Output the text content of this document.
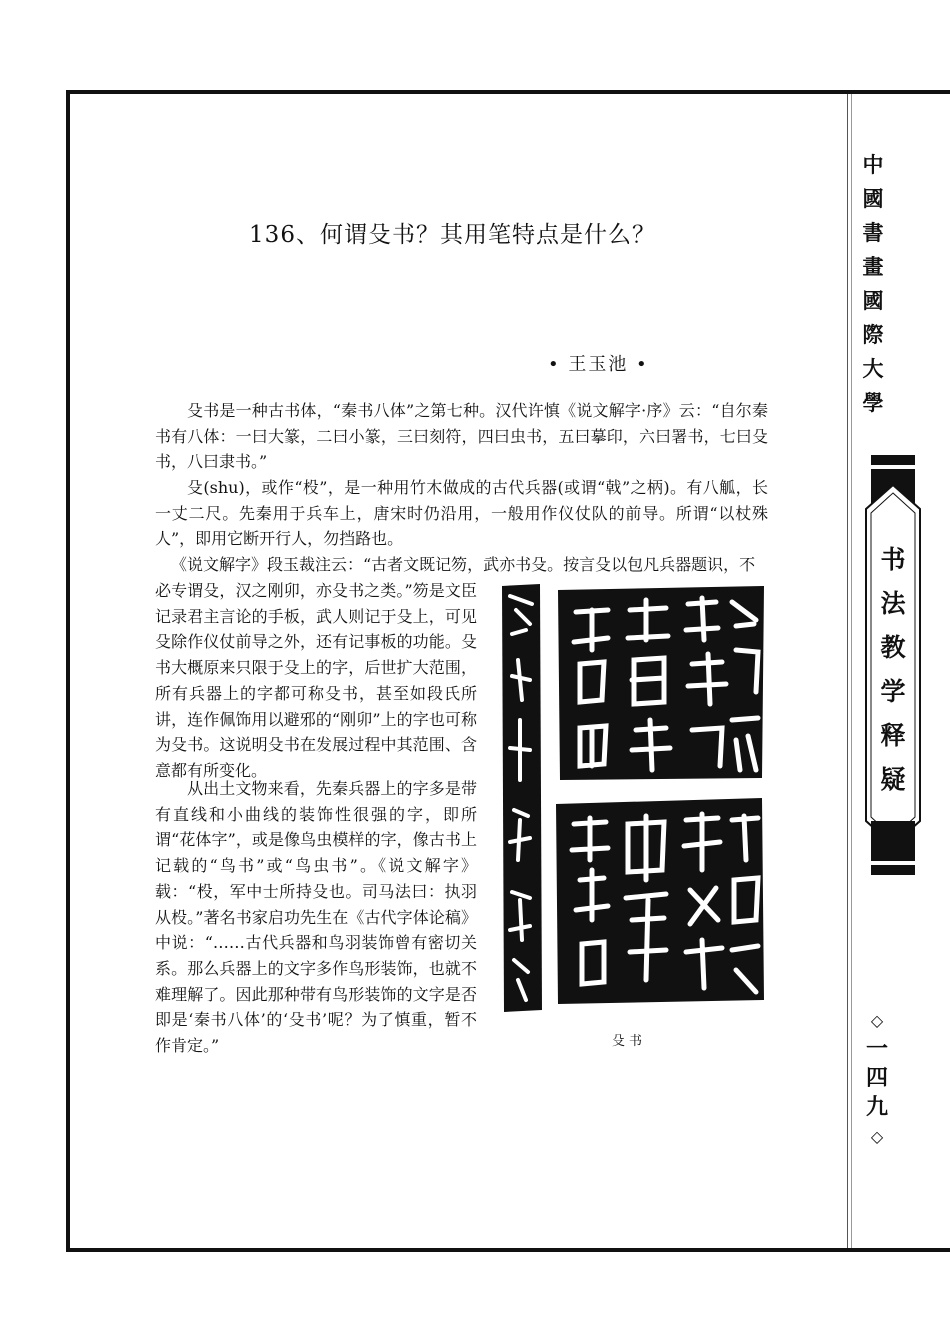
中
國
書
畫
國
際
大
學
书
法
教
学
释
疑
◇
一
四
九
◇
136、何谓殳书？其用笔特点是什么？
• 王玉池 •

殳书是一种古书体，“秦书八体”之第七种。汉代许慎《说文解字·序》云：“自尔秦书有八体：一曰大篆，二曰小篆，三曰刻符，四曰虫书，五曰摹印，六曰署书，七曰殳书，八曰隶书。”

殳(shu)，或作“杸”，是一种用竹木做成的古代兵器(或谓“戟”之柄)。有八觚，长一丈二尺。先秦用于兵车上，唐宋时仍沿用，一般用作仪仗队的前导。所谓“以杖殊人”，即用它断开行人，勿挡路也。

《说文解字》段玉裁注云：“古者文既记笏，武亦书殳。按言殳以包凡兵器题识，不

必专谓殳，汉之刚卯，亦殳书之类。”笏是文臣记录君主言论的手板，武人则记于殳上，可见殳除作仪仗前导之外，还有记事板的功能。殳书大概原来只限于殳上的字，后世扩大范围，所有兵器上的字都可称殳书，甚至如段氏所讲，连作佩饰用以避邪的“刚卯”上的字也可称为殳书。这说明殳书在发展过程中其范围、含意都有所变化。

从出土文物来看，先秦兵器上的字多是带有直线和小曲线的装饰性很强的字，即所谓“花体字”，或是像鸟虫模样的字，像古书上记载的“鸟书”或“鸟虫书”。《说文解字》载：“杸，军中士所持殳也。司马法曰：执羽从杸。”著名书家启功先生在《古代字体论稿》中说：“……古代兵器和鸟羽装饰曾有密切关系。那么兵器上的文字多作鸟形装饰，也就不难理解了。因此那种带有鸟形装饰的文字是否即是‘秦书八体’的‘殳书’呢？为了慎重，暂不作肯定。”	殳书
